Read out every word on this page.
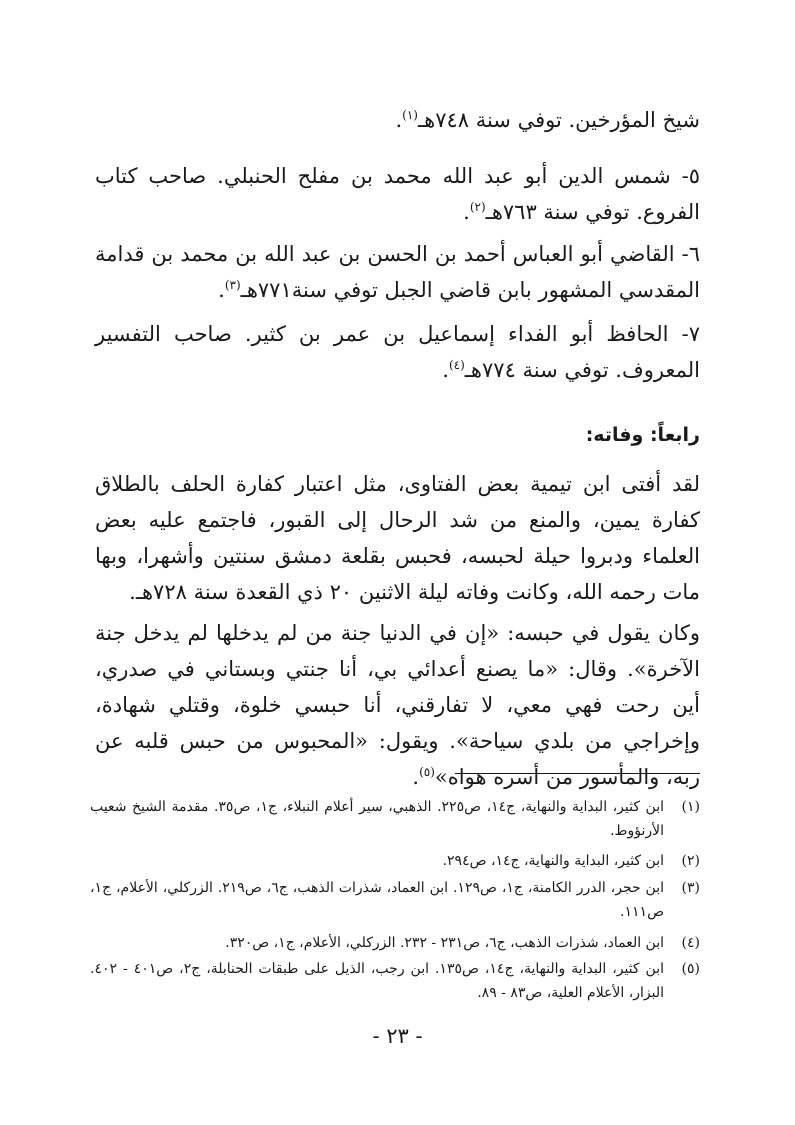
شيخ المؤرخين. توفي سنة ٧٤٨هـ$^{(١)}$.

٥- شمس الدين أبو عبد الله محمد بن مفلح الحنبلي. صاحب كتاب الفروع. توفي سنة ٧٦٣هـ$^{(٢)}$.

٦- القاضي أبو العباس أحمد بن الحسن بن عبد الله بن محمد بن قدامة المقدسي المشهور بابن قاضي الجبل توفي سنة٧٧١هـ$^{(٣)}$.

٧- الحافظ أبو الفداء إسماعيل بن عمر بن كثير. صاحب التفسير المعروف. توفي سنة ٧٧٤هـ$^{(٤)}$.

رابعاً: وفاته:

لقد أفتى ابن تيمية بعض الفتاوى، مثل اعتبار كفارة الحلف بالطلاق كفارة يمين، والمنع من شد الرحال إلى القبور، فاجتمع عليه بعض العلماء ودبروا حيلة لحبسه، فحبس بقلعة دمشق سنتين وأشهرا، وبها مات رحمه الله، وكانت وفاته ليلة الاثنين ٢٠ ذي القعدة سنة ٧٢٨هـ.

وكان يقول في حبسه: «إن في الدنيا جنة من لم يدخلها لم يدخل جنة الآخرة». وقال: «ما يصنع أعدائي بي، أنا جنتي وبستاني في صدري، أين رحت فهي معي، لا تفارقني، أنا حبسي خلوة، وقتلي شهادة، وإخراجي من بلدي سياحة». ويقول: «المحبوس من حبس قلبه عن ربه، والمأسور من أسره هواه»$^{(٥)}$.

(١)
ابن كثير، البداية والنهاية، ج١٤، ص٢٢٥. الذهبي، سير أعلام النبلاء، ج١، ص٣٥. مقدمة الشيخ شعيب الأرنؤوط.
(٢)
ابن كثير، البداية والنهاية، ج١٤، ص٢٩٤.
(٣)
ابن حجر، الدرر الكامنة، ج١، ص١٢٩. ابن العماد، شذرات الذهب، ج٦، ص٢١٩. الزركلي، الأعلام، ج١، ص١١١.
(٤)
ابن العماد، شذرات الذهب، ج٦، ص٢٣١ - ٢٣٢. الزركلي، الأعلام، ج١، ص٣٢٠.
(٥)
ابن كثير، البداية والنهاية، ج١٤، ص١٣٥. ابن رجب، الذيل على طبقات الحنابلة، ج٢، ص٤٠١ - ٤٠٢. البزار، الأعلام العلية، ص٨٣ - ٨٩.
- ٢٣ -
